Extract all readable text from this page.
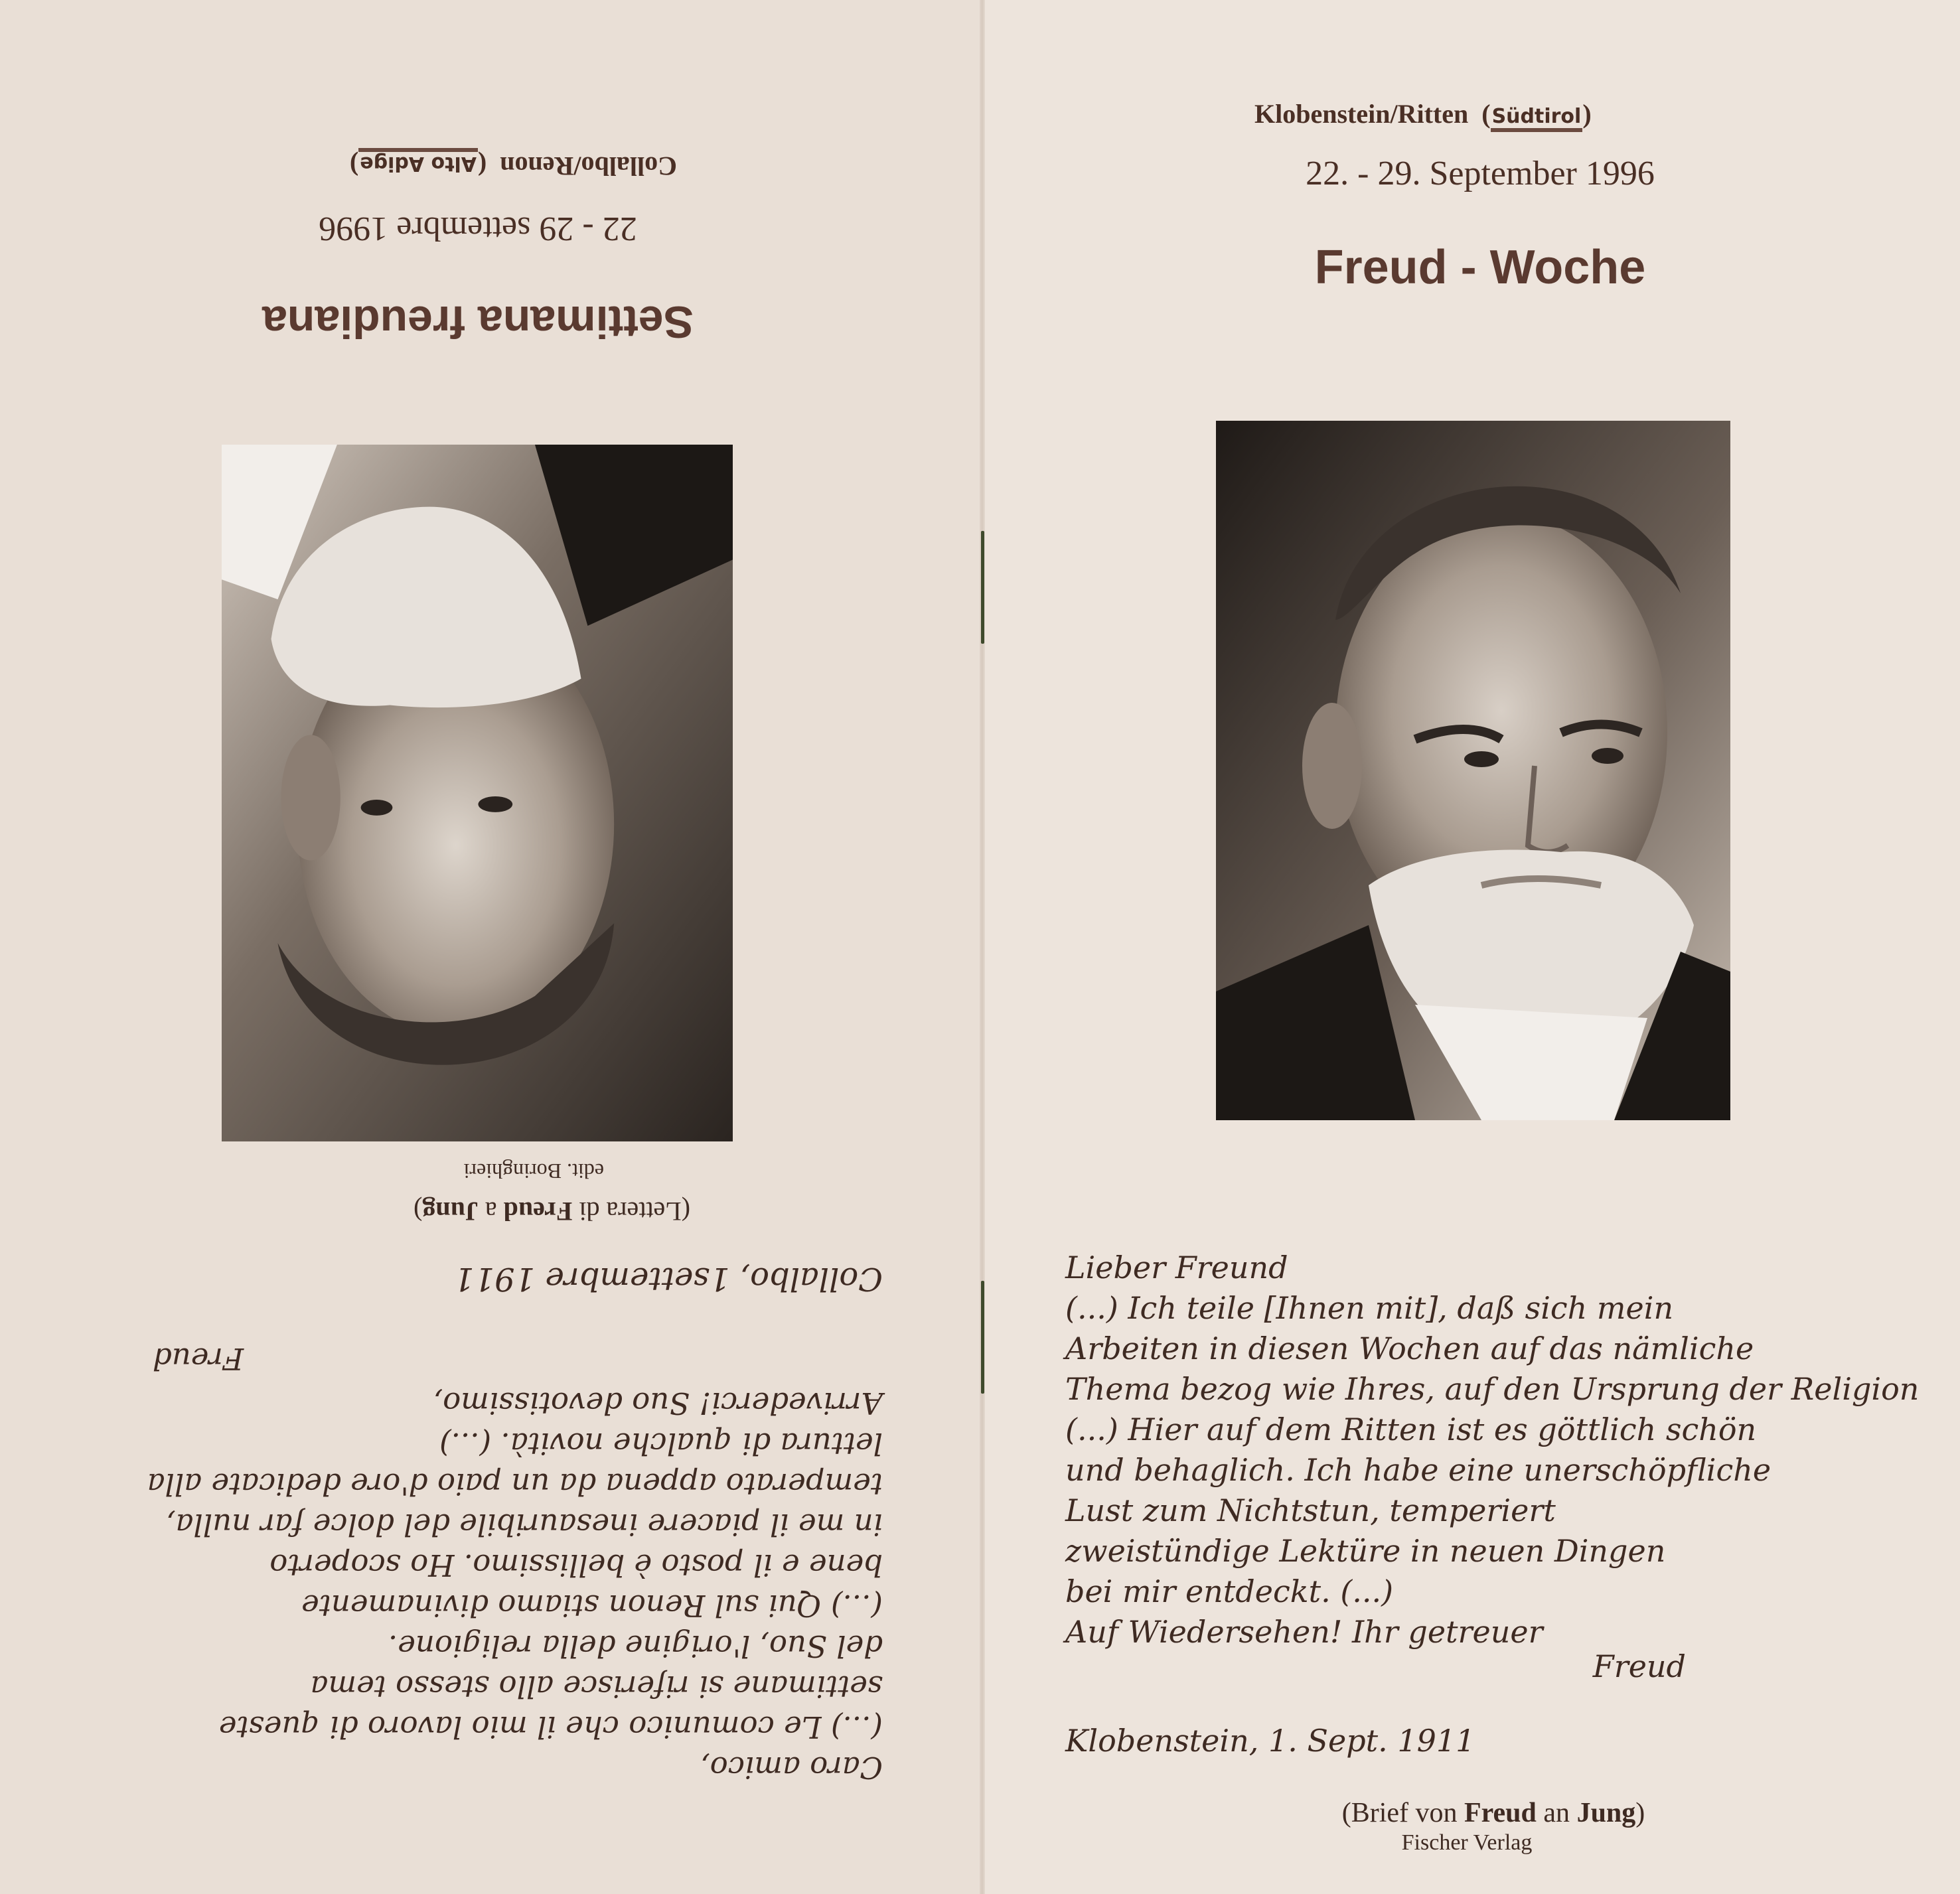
Klobenstein/Ritten  (Südtirol)
22. - 29. September 1996
Freud - Woche
Lieber Freund
(...) Ich teile [Ihnen mit], daß sich mein
Arbeiten in diesen Wochen auf das nämliche
Thema bezog wie Ihres, auf den Ursprung der Religion
(...) Hier auf dem Ritten ist es göttlich schön
und behaglich. Ich habe eine unerschöpfliche
Lust zum Nichtstun, temperiert
zweistündige Lektüre in neuen Dingen
bei mir entdeckt. (...)
Auf Wiedersehen! Ihr getreuer
Freud
Klobenstein, 1. Sept. 1911
(Brief von Freud an Jung)
Fischer Verlag
Caro amico,
(...) Le comunico che il mio lavoro di queste
settimane si riferisce allo stesso tema
del Suo, l'origine della religione.
(...) Qui sul Renon stiamo divinamente
bene e il posto è bellissimo. Ho scoperto
in me il piacere inesauribile del dolce far nulla,
temperato appena da un paio d'ore dedicate alla
lettura di qualche novità. (...)
Arrivederci! Suo devotissimo,
Freud
Collalbo, 1settembre 1911
(Lettera di Freud a Jung)
edit. Boringhieri
Settimana freudiana
22 - 29 settembre 1996
Collalbo/Renon  (Alto Adige)
